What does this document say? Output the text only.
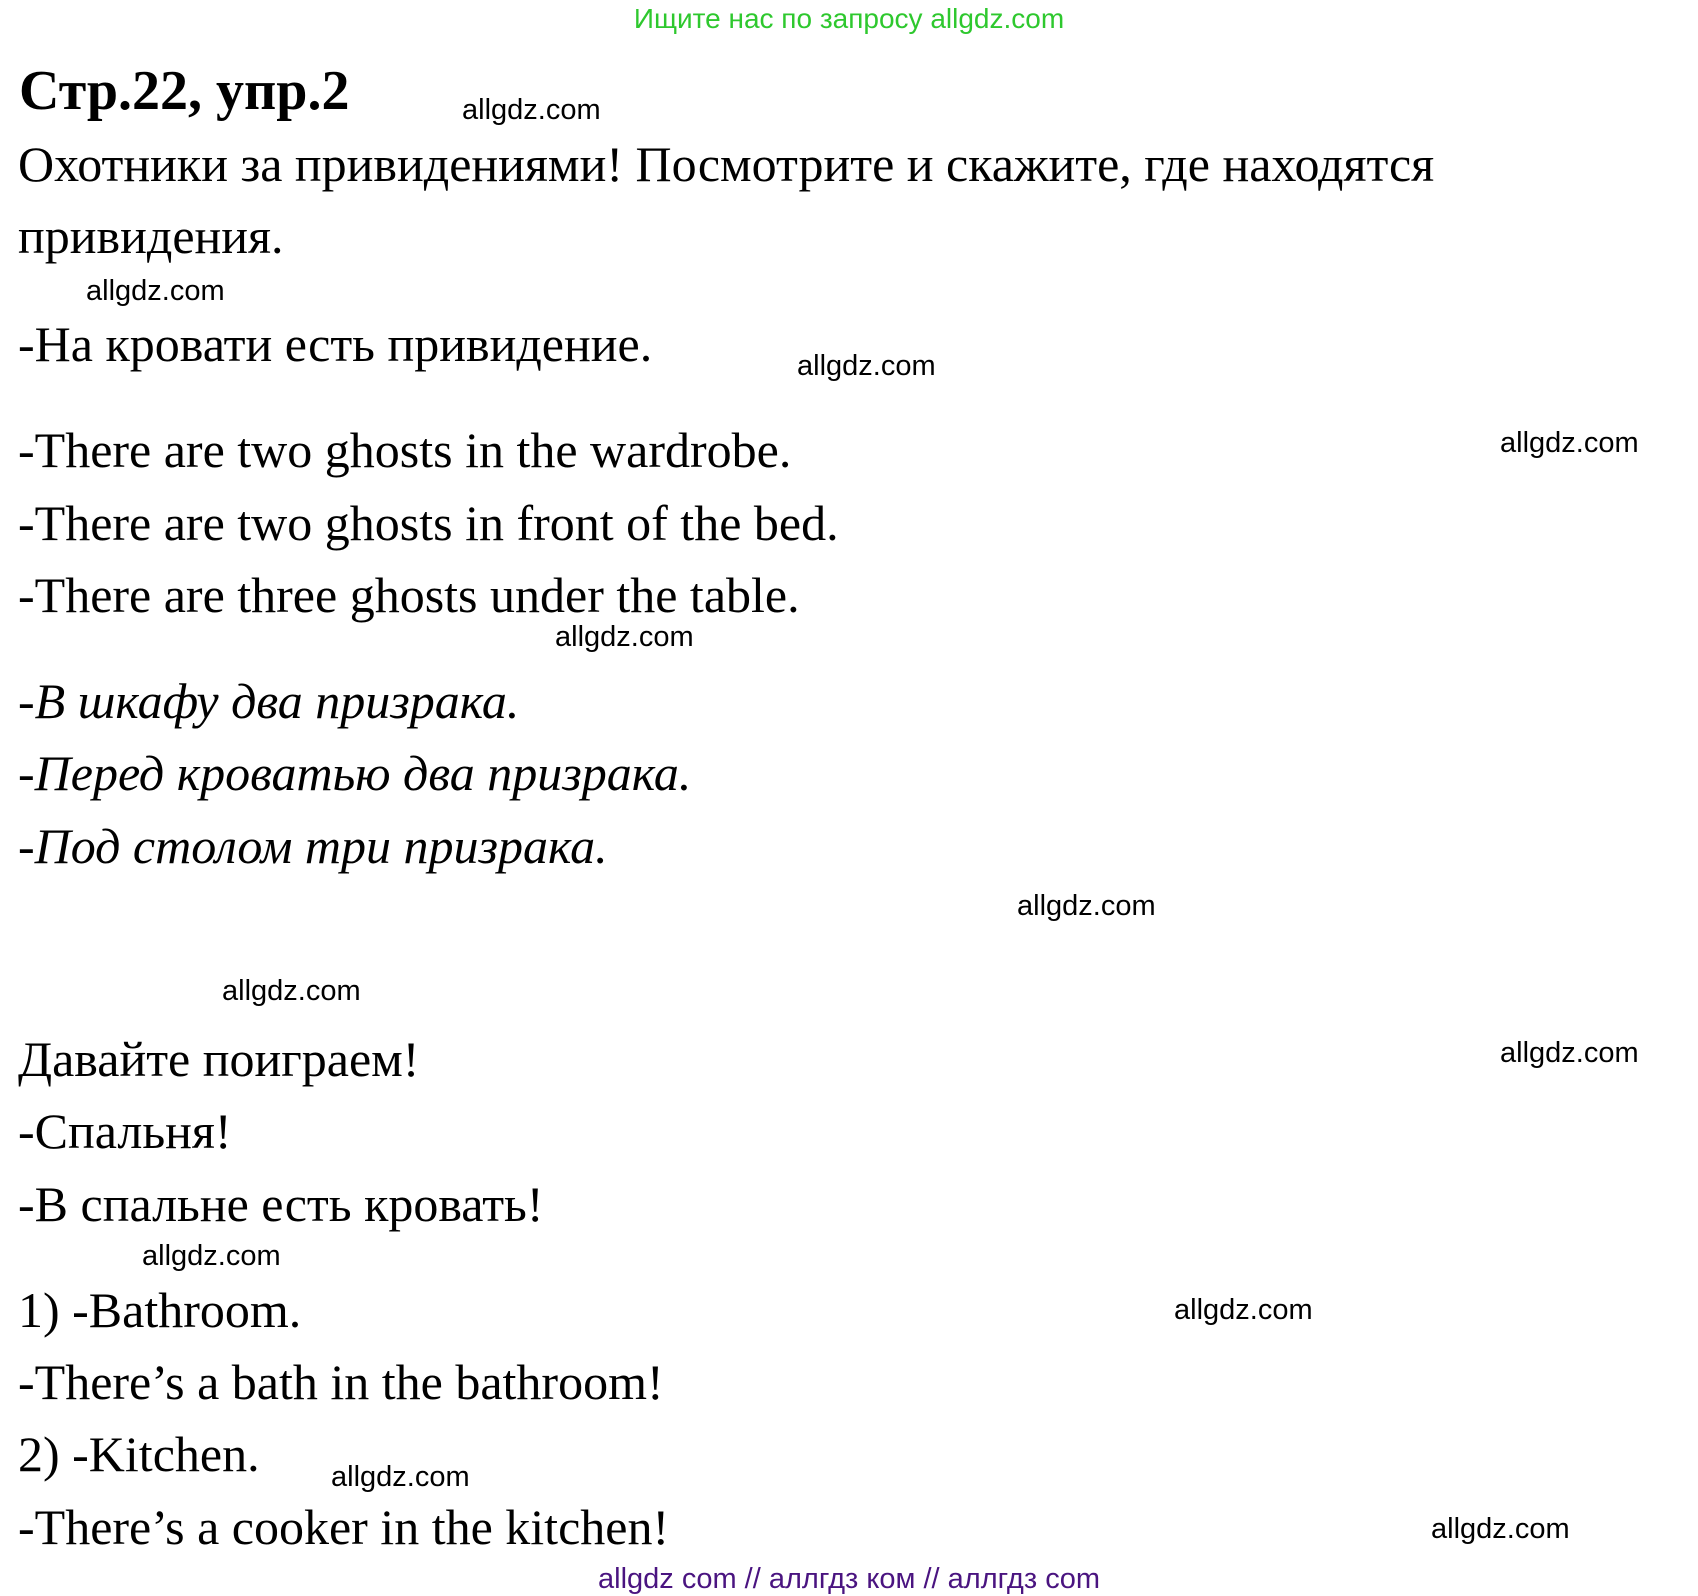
Ищите нас по запросу allgdz.com
Стр.22, упр.2	allgdz.com
Охотники за привидениями! Посмотрите и скажите, где находятся
привидения.
allgdz.com
-На кровати есть привидение.	allgdz.com
allgdz.com
-There are two ghosts in the wardrobe.
-There are two ghosts in front of the bed.
-There are three ghosts under the table.
allgdz.com
-В шкафу два призрака.
-Перед кроватью два призрака.
-Под столом три призрака.
allgdz.com
allgdz.com
Давайте поиграем!	allgdz.com
-Спальня!
-В спальне есть кровать!
allgdz.com
1) -Bathroom.	allgdz.com
-There’s a bath in the bathroom!
2) -Kitchen. allgdz.com
-There’s a cooker in the kitchen!	allgdz.com
allgdz com // аллгдз ком // аллгдз com
